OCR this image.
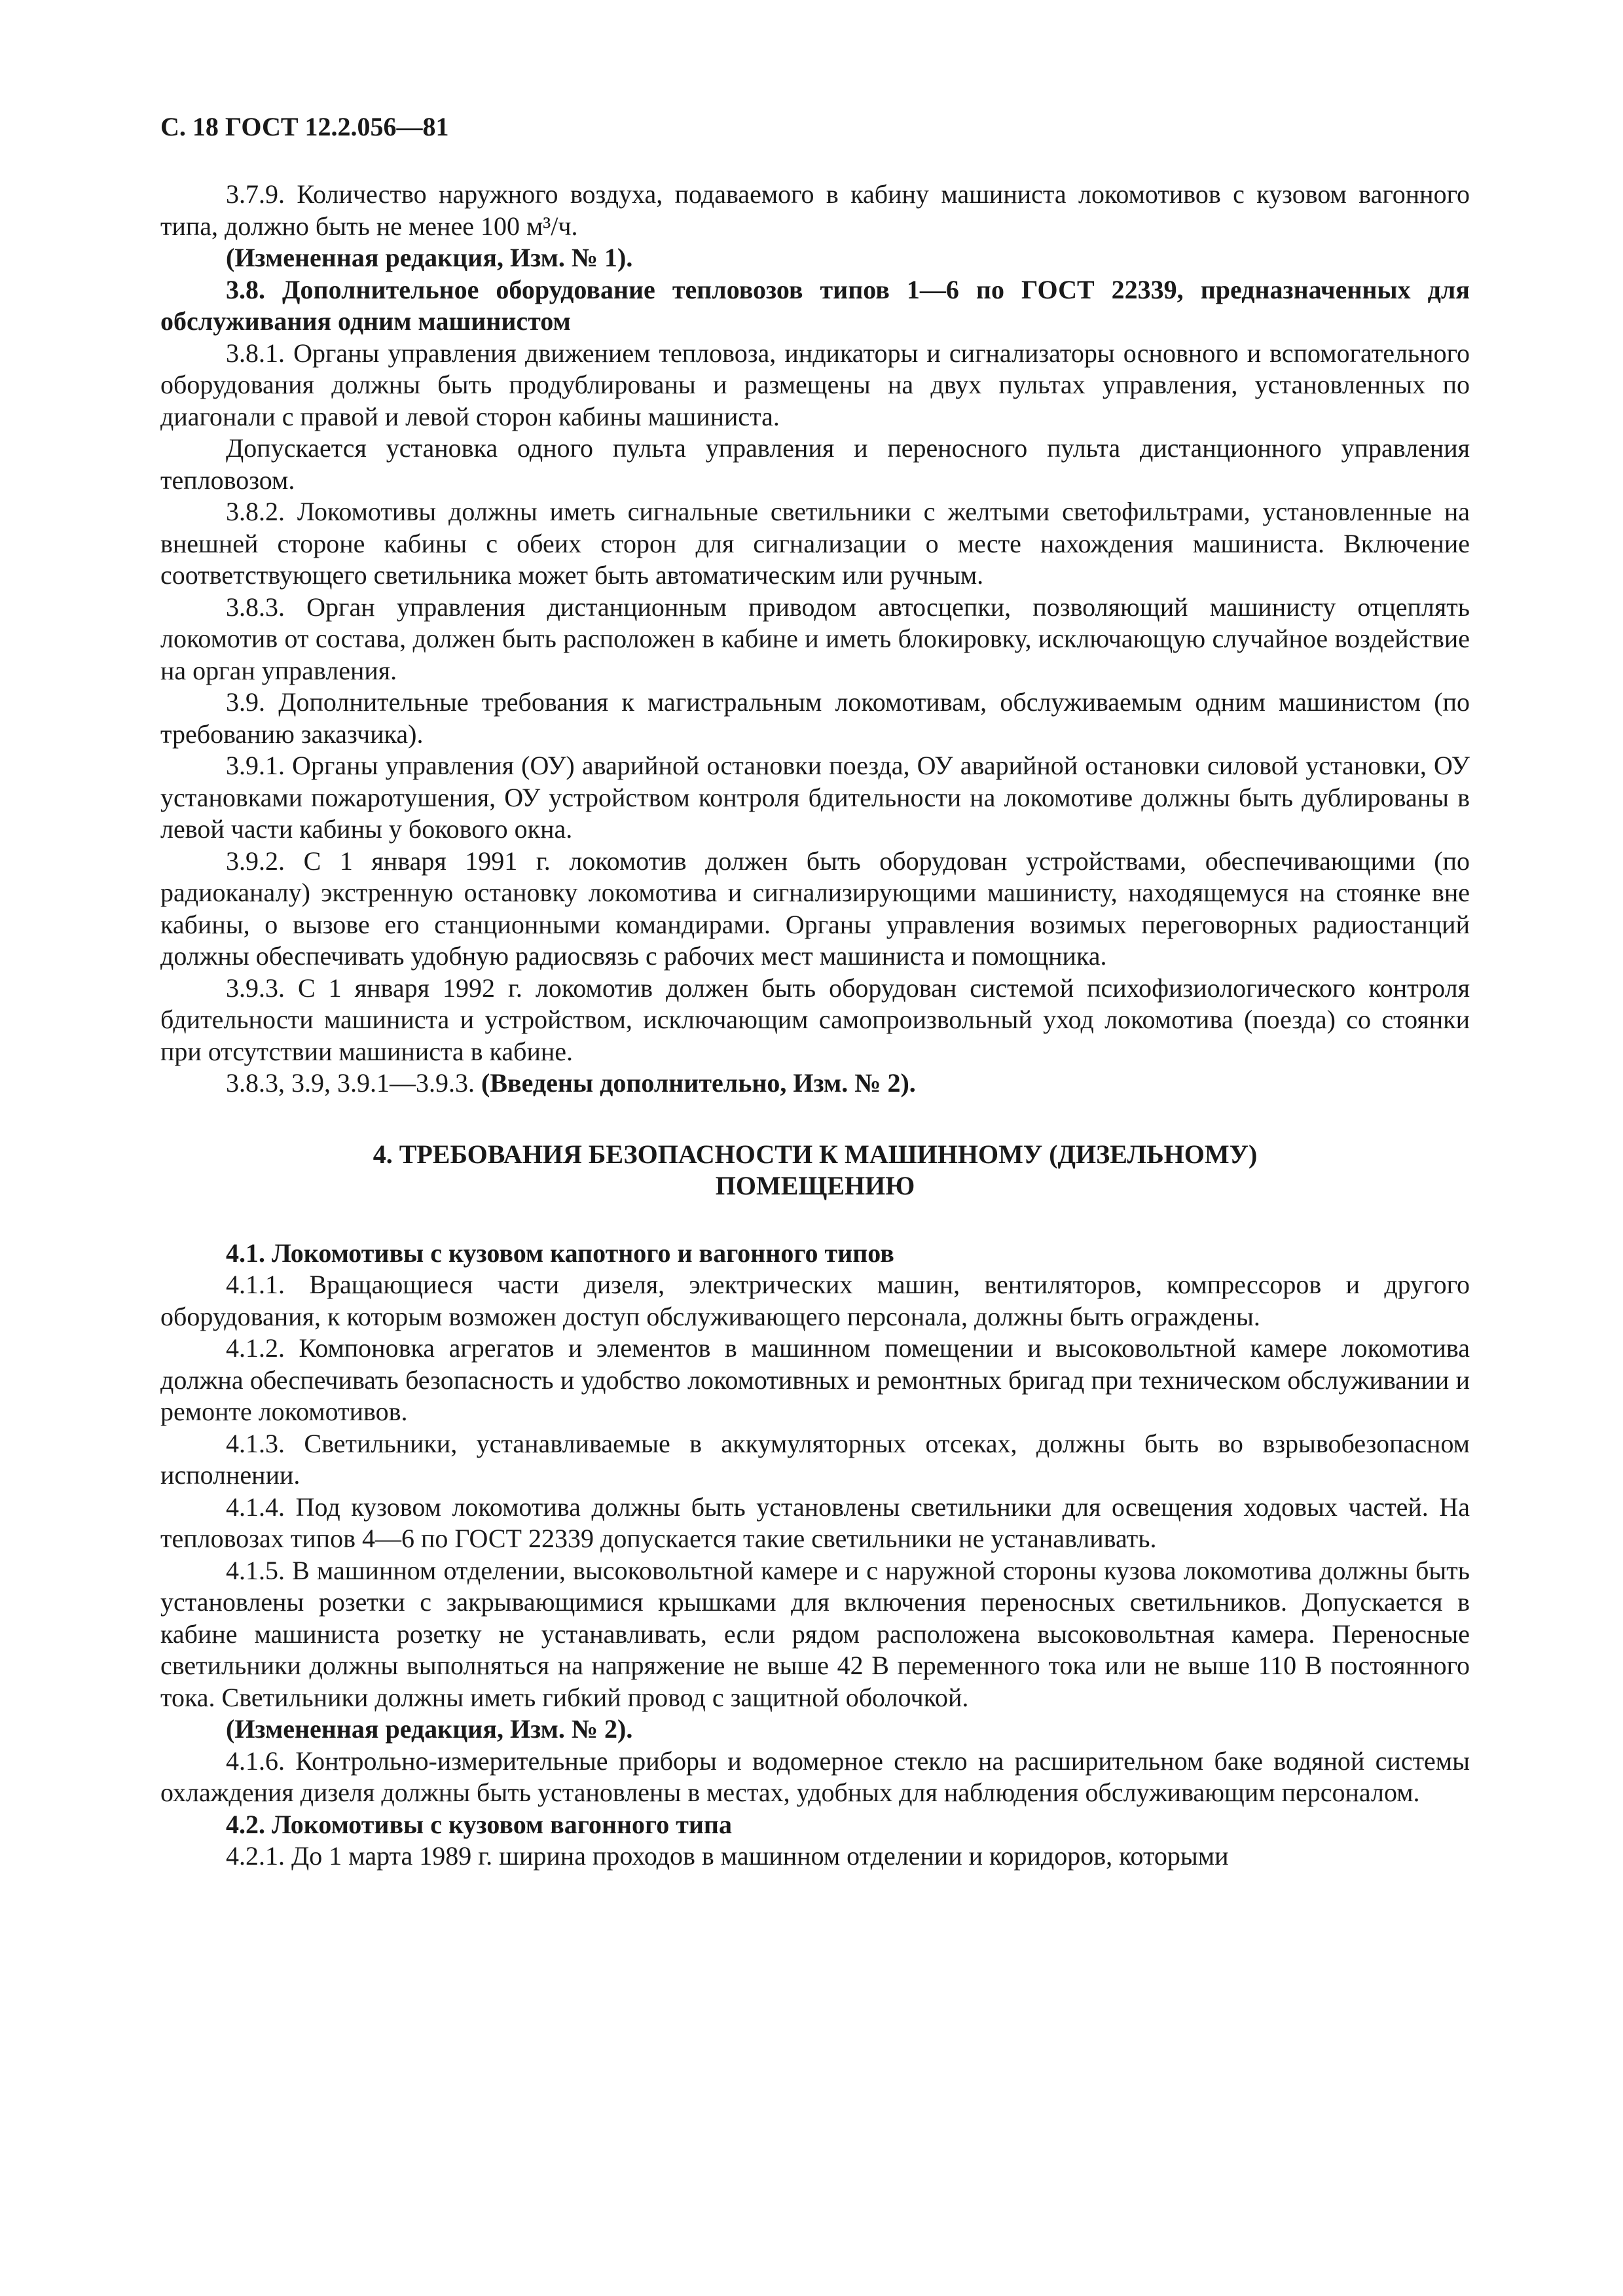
С. 18 ГОСТ 12.2.056—81

3.7.9. Количество наружного воздуха, подаваемого в кабину машиниста локомотивов с кузовом вагонного типа, должно быть не менее 100 м³/ч.

(Измененная редакция, Изм. № 1).

3.8. Дополнительное оборудование тепловозов типов 1—6 по ГОСТ 22339, предназначенных для обслуживания одним машинистом

3.8.1. Органы управления движением тепловоза, индикаторы и сигнализаторы основного и вспомогательного оборудования должны быть продублированы и размещены на двух пультах управления, установленных по диагонали с правой и левой сторон кабины машиниста.

Допускается установка одного пульта управления и переносного пульта дистанционного управления тепловозом.

3.8.2. Локомотивы должны иметь сигнальные светильники с желтыми светофильтрами, установленные на внешней стороне кабины с обеих сторон для сигнализации о месте нахождения машиниста. Включение соответствующего светильника может быть автоматическим или ручным.

3.8.3. Орган управления дистанционным приводом автосцепки, позволяющий машинисту отцеплять локомотив от состава, должен быть расположен в кабине и иметь блокировку, исключающую случайное воздействие на орган управления.

3.9. Дополнительные требования к магистральным локомотивам, обслуживаемым одним машинистом (по требованию заказчика).

3.9.1. Органы управления (ОУ) аварийной остановки поезда, ОУ аварийной остановки силовой установки, ОУ установками пожаротушения, ОУ устройством контроля бдительности на локомотиве должны быть дублированы в левой части кабины у бокового окна.

3.9.2. С 1 января 1991 г. локомотив должен быть оборудован устройствами, обеспечивающими (по радиоканалу) экстренную остановку локомотива и сигнализирующими машинисту, находящемуся на стоянке вне кабины, о вызове его станционными командирами. Органы управления возимых переговорных радиостанций должны обеспечивать удобную радиосвязь с рабочих мест машиниста и помощника.

3.9.3. С 1 января 1992 г. локомотив должен быть оборудован системой психофизиологического контроля бдительности машиниста и устройством, исключающим самопроизвольный уход локомотива (поезда) со стоянки при отсутствии машиниста в кабине.

3.8.3, 3.9, 3.9.1—3.9.3. (Введены дополнительно, Изм. № 2).

4. ТРЕБОВАНИЯ БЕЗОПАСНОСТИ К МАШИННОМУ (ДИЗЕЛЬНОМУ)
ПОМЕЩЕНИЮ

4.1. Локомотивы с кузовом капотного и вагонного типов

4.1.1. Вращающиеся части дизеля, электрических машин, вентиляторов, компрессоров и другого оборудования, к которым возможен доступ обслуживающего персонала, должны быть ограждены.

4.1.2. Компоновка агрегатов и элементов в машинном помещении и высоковольтной камере локомотива должна обеспечивать безопасность и удобство локомотивных и ремонтных бригад при техническом обслуживании и ремонте локомотивов.

4.1.3. Светильники, устанавливаемые в аккумуляторных отсеках, должны быть во взрывобезопасном исполнении.

4.1.4. Под кузовом локомотива должны быть установлены светильники для освещения ходовых частей. На тепловозах типов 4—6 по ГОСТ 22339 допускается такие светильники не устанавливать.

4.1.5. В машинном отделении, высоковольтной камере и с наружной стороны кузова локомотива должны быть установлены розетки с закрывающимися крышками для включения переносных светильников. Допускается в кабине машиниста розетку не устанавливать, если рядом расположена высоковольтная камера. Переносные светильники должны выполняться на напряжение не выше 42 В переменного тока или не выше 110 В постоянного тока. Светильники должны иметь гибкий провод с защитной оболочкой.

(Измененная редакция, Изм. № 2).

4.1.6. Контрольно-измерительные приборы и водомерное стекло на расширительном баке водяной системы охлаждения дизеля должны быть установлены в местах, удобных для наблюдения обслуживающим персоналом.

4.2. Локомотивы с кузовом вагонного типа

4.2.1. До 1 марта 1989 г. ширина проходов в машинном отделении и коридоров, которыми
